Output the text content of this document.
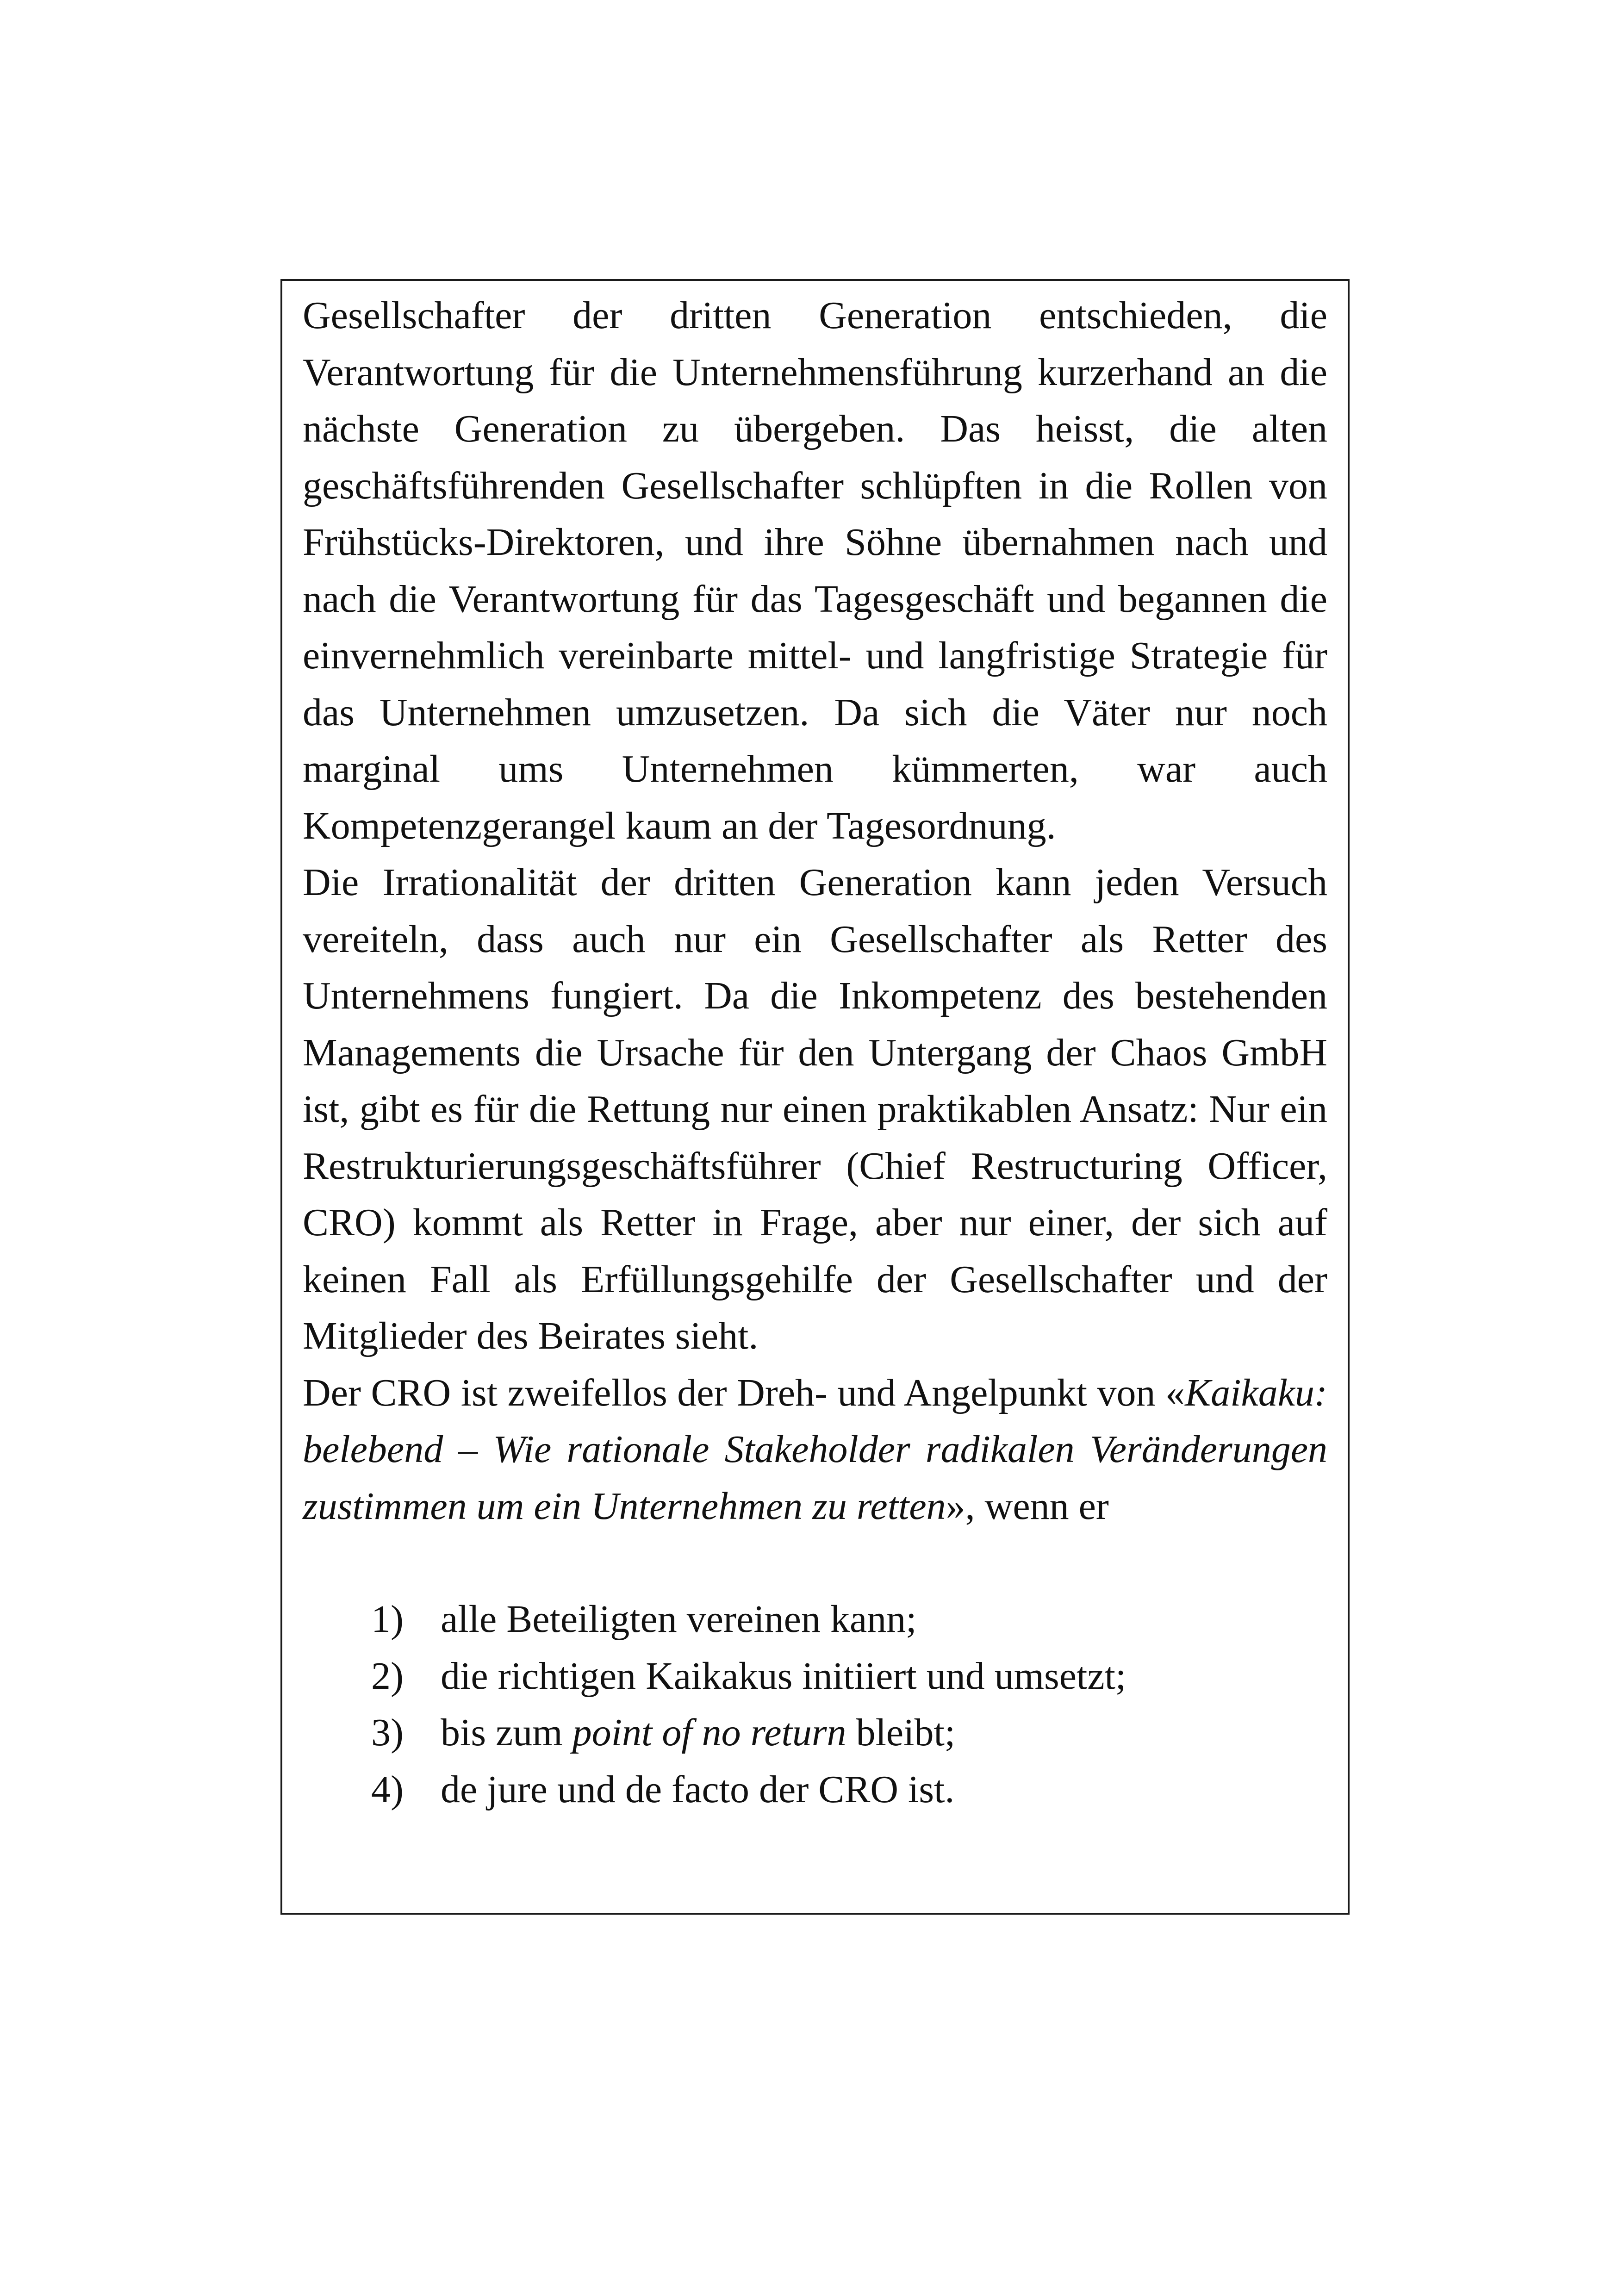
Gesellschafter der dritten Generation entschieden, die Verantwortung für die Unternehmensführung kurzerhand an die nächste Generation zu übergeben. Das heisst, die alten geschäftsführenden Gesellschafter schlüpften in die Rollen von Frühstücks-Direktoren, und ihre Söhne übernahmen nach und nach die Verantwortung für das Tagesgeschäft und begannen die einvernehmlich vereinbarte mittel- und langfristige Strategie für das Unternehmen umzusetzen. Da sich die Väter nur noch marginal ums Unternehmen kümmerten, war auch Kompetenzgerangel kaum an der Tagesordnung.

Die Irrationalität der dritten Generation kann jeden Versuch vereiteln, dass auch nur ein Gesellschafter als Retter des Unternehmens fungiert. Da die Inkompetenz des bestehenden Managements die Ursache für den Untergang der Chaos GmbH ist, gibt es für die Rettung nur einen praktikablen Ansatz: Nur ein Restrukturierungsgeschäftsführer (Chief Restructuring Officer, CRO) kommt als Retter in Frage, aber nur einer, der sich auf keinen Fall als Erfüllungsgehilfe der Gesellschafter und der Mitglieder des Beirates sieht.

Der CRO ist zweifellos der Dreh- und Angelpunkt von «Kaikaku: belebend – Wie rationale Stakeholder radikalen Veränderungen zustimmen um ein Unternehmen zu retten», wenn er

1) alle Beteiligten vereinen kann;
2) die richtigen Kaikakus initiiert und umsetzt;
3) bis zum point of no return bleibt;
4) de jure und de facto der CRO ist.
